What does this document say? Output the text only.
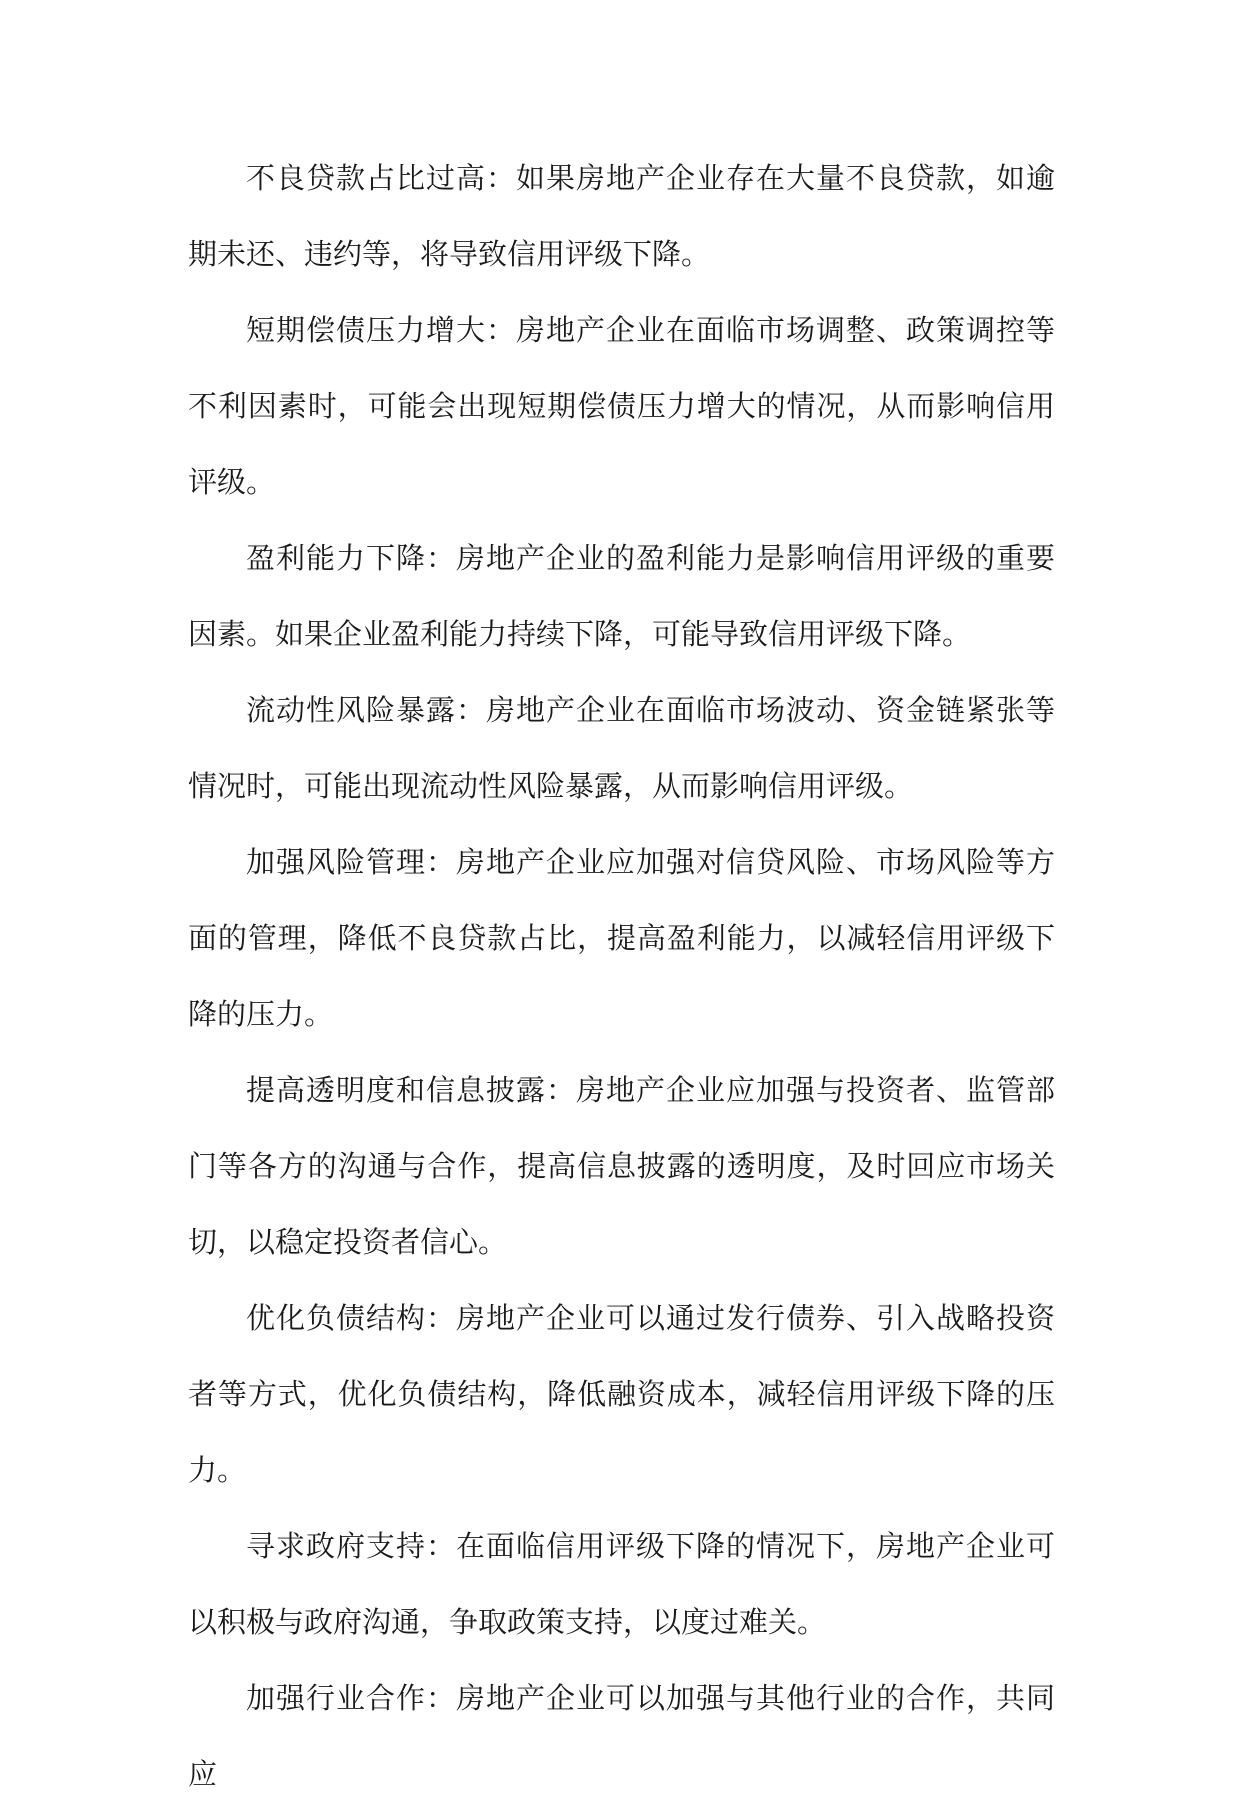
不良贷款占比过高：如果房地产企业存在大量不良贷款，如逾期未还、违约等，将导致信用评级下降。

短期偿债压力增大：房地产企业在面临市场调整、政策调控等不利因素时，可能会出现短期偿债压力增大的情况，从而影响信用评级。

盈利能力下降：房地产企业的盈利能力是影响信用评级的重要因素。如果企业盈利能力持续下降，可能导致信用评级下降。

流动性风险暴露：房地产企业在面临市场波动、资金链紧张等情况时，可能出现流动性风险暴露，从而影响信用评级。

加强风险管理：房地产企业应加强对信贷风险、市场风险等方面的管理，降低不良贷款占比，提高盈利能力，以减轻信用评级下降的压力。

提高透明度和信息披露：房地产企业应加强与投资者、监管部门等各方的沟通与合作，提高信息披露的透明度，及时回应市场关切，以稳定投资者信心。

优化负债结构：房地产企业可以通过发行债券、引入战略投资者等方式，优化负债结构，降低融资成本，减轻信用评级下降的压力。

寻求政府支持：在面临信用评级下降的情况下，房地产企业可以积极与政府沟通，争取政策支持，以度过难关。

加强行业合作：房地产企业可以加强与其他行业的合作，共同应
